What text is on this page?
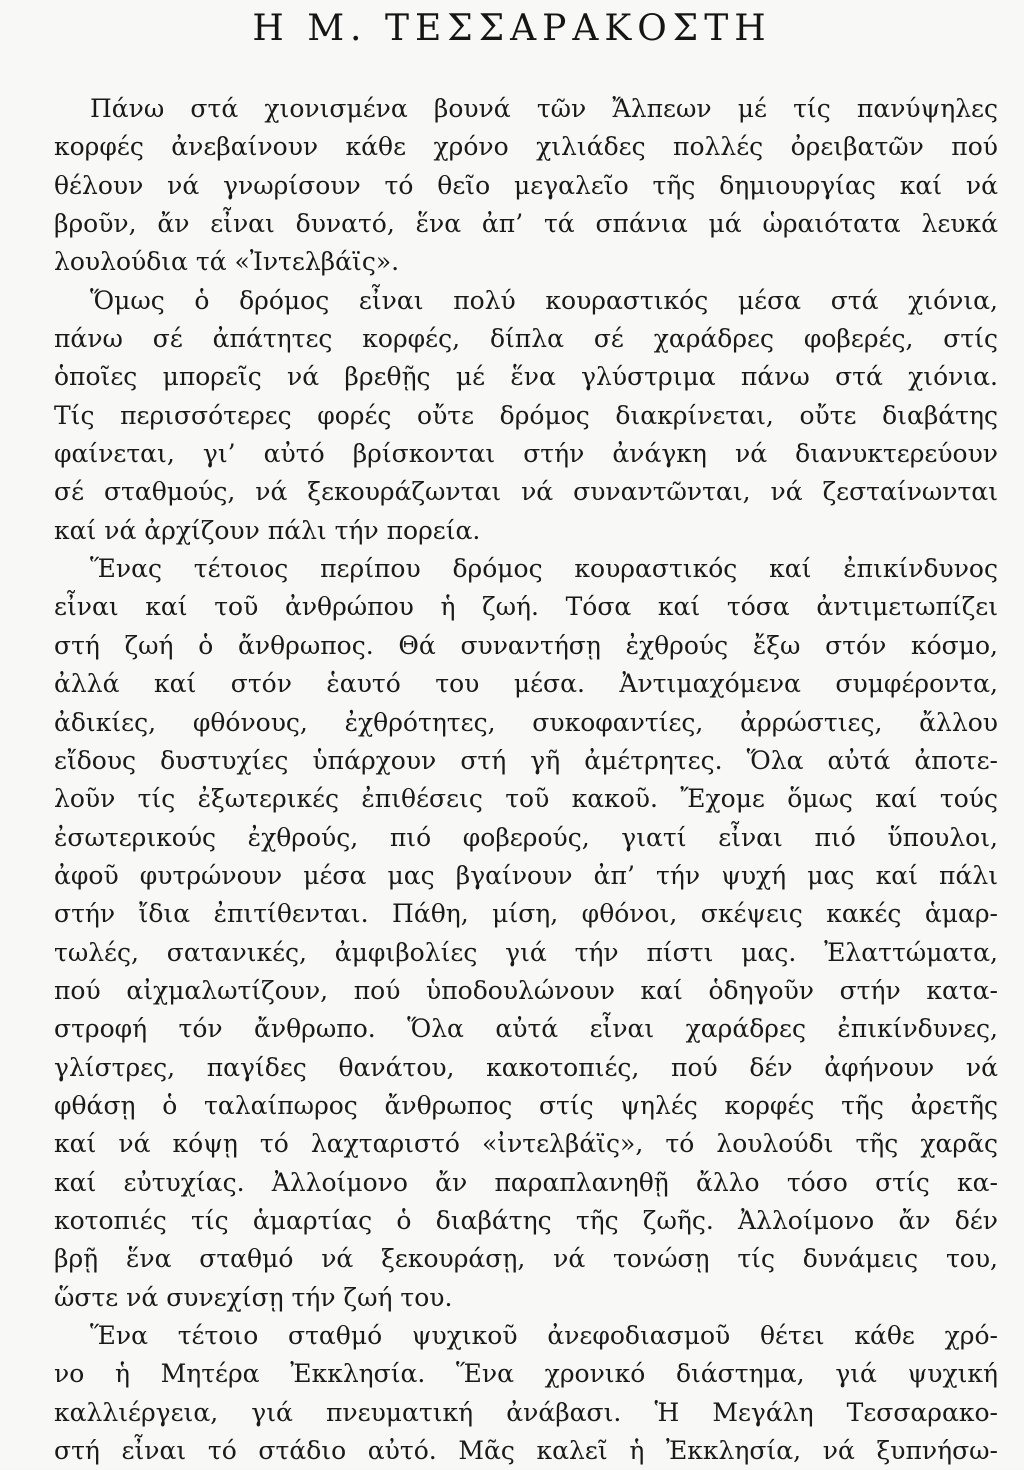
Η Μ. ΤΕΣΣΑΡΑΚΟΣΤΗ
Πάνω στά χιονισμένα βουνά τῶν Ἄλπεων μέ τίς πανύψηλες
κορφές ἀνεβαίνουν κάθε χρόνο χιλιάδες πολλές ὀρειβατῶν πού
θέλουν νά γνωρίσουν τό θεῖο μεγαλεῖο τῆς δημιουργίας καί νά
βροῦν, ἄν εἶναι δυνατό, ἕνα ἀπ’ τά σπάνια μά ὡραιότατα λευκά
λουλούδια τά «Ἰντελβάϊς».
Ὅμως ὁ δρόμος εἶναι πολύ κουραστικός μέσα στά χιόνια,
πάνω σέ ἀπάτητες κορφές, δίπλα σέ χαράδρες φοβερές, στίς
ὁποῖες μπορεῖς νά βρεθῇς μέ ἕνα γλύστριμα πάνω στά χιόνια.
Τίς περισσότερες φορές οὔτε δρόμος διακρίνεται, οὔτε διαβάτης
φαίνεται, γι’ αὐτό βρίσκονται στήν ἀνάγκη νά διανυκτερεύουν
σέ σταθμούς, νά ξεκουράζωνται νά συναντῶνται, νά ζεσταίνωνται
καί νά ἀρχίζουν πάλι τήν πορεία.
Ἕνας τέτοιος περίπου δρόμος κουραστικός καί ἐπικίνδυνος
εἶναι καί τοῦ ἀνθρώπου ἡ ζωή. Τόσα καί τόσα ἀντιμετωπίζει
στή ζωή ὁ ἄνθρωπος. Θά συναντήσῃ ἐχθρούς ἔξω στόν κόσμο,
ἀλλά καί στόν ἑαυτό του μέσα. Ἀντιμαχόμενα συμφέροντα,
ἀδικίες, φθόνους, ἐχθρότητες, συκοφαντίες, ἀρρώστιες, ἄλλου
εἴδους δυστυχίες ὑπάρχουν στή γῆ ἀμέτρητες. Ὅλα αὐτά ἀποτε-
λοῦν τίς ἐξωτερικές ἐπιθέσεις τοῦ κακοῦ. Ἔχομε ὅμως καί τούς
ἐσωτερικούς ἐχθρούς, πιό φοβερούς, γιατί εἶναι πιό ὕπουλοι,
ἀφοῦ φυτρώνουν μέσα μας βγαίνουν ἀπ’ τήν ψυχή μας καί πάλι
στήν ἴδια ἐπιτίθενται. Πάθη, μίση, φθόνοι, σκέψεις κακές ἁμαρ-
τωλές, σατανικές, ἀμφιβολίες γιά τήν πίστι μας. Ἐλαττώματα,
πού αἰχμαλωτίζουν, πού ὑποδουλώνουν καί ὁδηγοῦν στήν κατα-
στροφή τόν ἄνθρωπο. Ὅλα αὐτά εἶναι χαράδρες ἐπικίνδυνες,
γλίστρες, παγίδες θανάτου, κακοτοπιές, πού δέν ἀφήνουν νά
φθάσῃ ὁ ταλαίπωρος ἄνθρωπος στίς ψηλές κορφές τῆς ἀρετῆς
καί νά κόψῃ τό λαχταριστό «ἰντελβάϊς», τό λουλούδι τῆς χαρᾶς
καί εὐτυχίας. Ἀλλοίμονο ἄν παραπλανηθῇ ἄλλο τόσο στίς κα-
κοτοπιές τίς ἁμαρτίας ὁ διαβάτης τῆς ζωῆς. Ἀλλοίμονο ἄν δέν
βρῇ ἕνα σταθμό νά ξεκουράσῃ, νά τονώσῃ τίς δυνάμεις του,
ὥστε νά συνεχίσῃ τήν ζωή του.
Ἕνα τέτοιο σταθμό ψυχικοῦ ἀνεφοδιασμοῦ θέτει κάθε χρό-
νο ἡ Μητέρα Ἐκκλησία. Ἕνα χρονικό διάστημα, γιά ψυχική
καλλιέργεια, γιά πνευματική ἀνάβασι. Ἡ Μεγάλη Τεσσαρακο-
στή εἶναι τό στάδιο αὐτό. Μᾶς καλεῖ ἡ Ἐκκλησία, νά ξυπνήσω-
